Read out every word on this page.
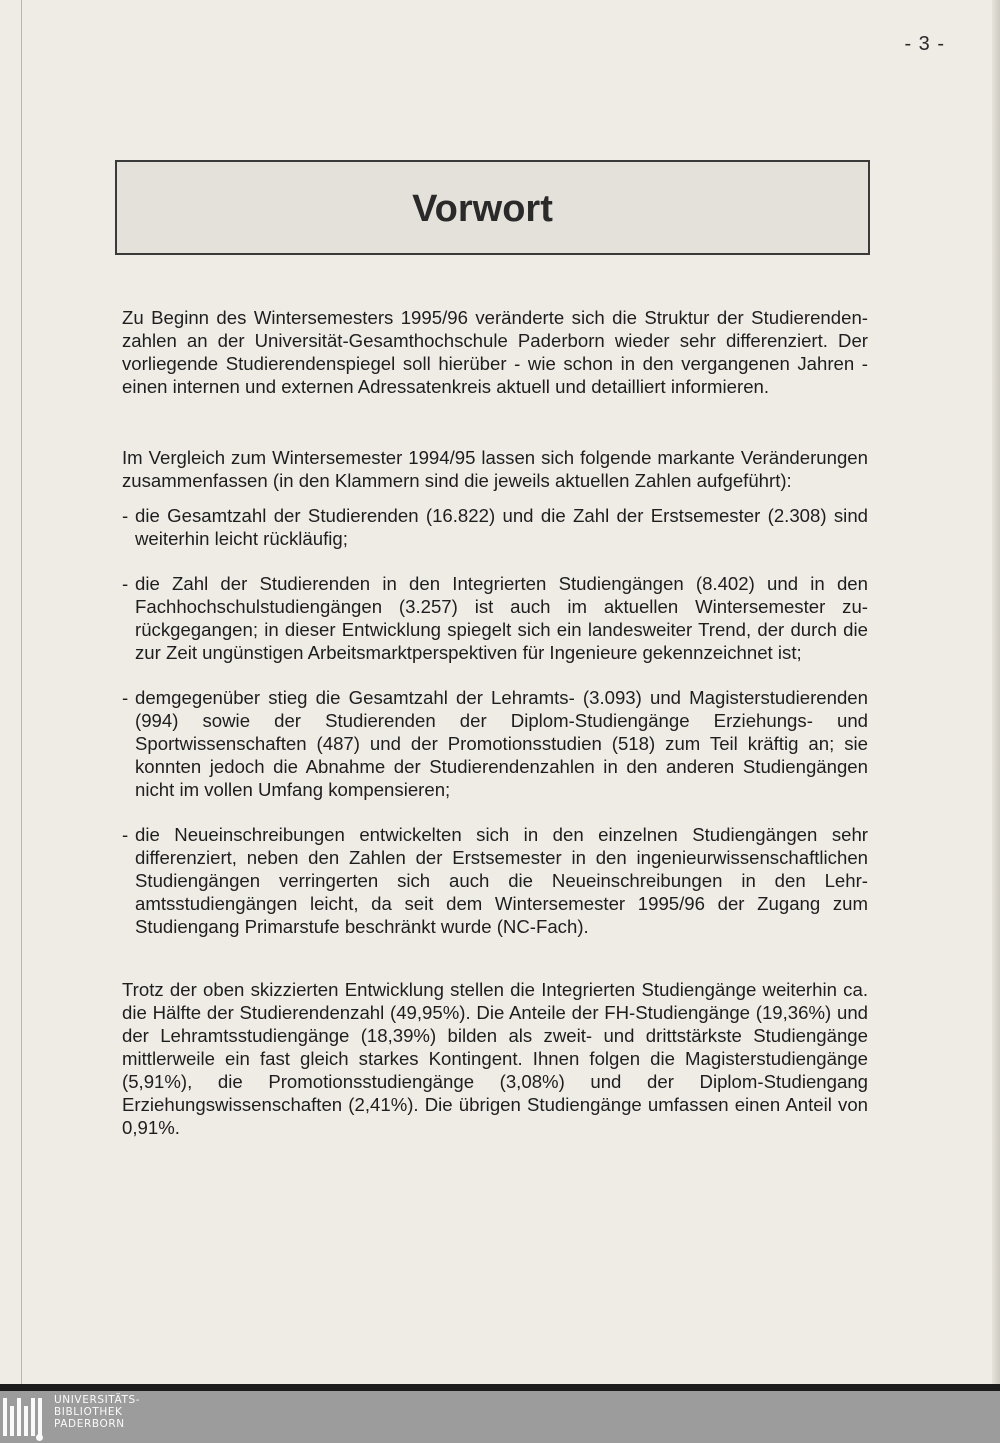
- 3 -
Vorwort

Zu Beginn des Wintersemesters 1995/96 veränderte sich die Struktur der Studierendenzahlen an der Universität-Gesamthochschule Paderborn wieder sehr differenziert. Der vorliegende Studierendenspiegel soll hierüber - wie schon in den vergangenen Jahren - einen internen und externen Adressatenkreis aktuell und detailliert informieren.

Im Vergleich zum Wintersemester 1994/95 lassen sich folgende markante Veränderungen zusammenfassen (in den Klammern sind die jeweils aktuellen Zahlen aufgeführt):

- die Gesamtzahl der Studierenden (16.822) und die Zahl der Erstsemester (2.308) sind weiterhin leicht rückläufig;
- die Zahl der Studierenden in den Integrierten Studiengängen (8.402) und in den Fachhochschulstudiengängen (3.257) ist auch im aktuellen Wintersemester zurückgegangen; in dieser Entwicklung spiegelt sich ein landesweiter Trend, der durch die zur Zeit ungünstigen Arbeitsmarktperspektiven für Ingenieure gekennzeichnet ist;
- demgegenüber stieg die Gesamtzahl der Lehramts- (3.093) und Magisterstudierenden (994) sowie der Studierenden der Diplom-Studiengänge Erziehungs- und Sportwissenschaften (487) und der Promotionsstudien (518) zum Teil kräftig an; sie konnten jedoch die Abnahme der Studierendenzahlen in den anderen Studiengängen nicht im vollen Umfang kompensieren;
- die Neueinschreibungen entwickelten sich in den einzelnen Studiengängen sehr differenziert, neben den Zahlen der Erstsemester in den ingenieurwissenschaftlichen Studiengängen verringerten sich auch die Neueinschreibungen in den Lehramtsstudiengängen leicht, da seit dem Wintersemester 1995/96 der Zugang zum Studiengang Primarstufe beschränkt wurde (NC-Fach).

Trotz der oben skizzierten Entwicklung stellen die Integrierten Studiengänge weiterhin ca. die Hälfte der Studierendenzahl (49,95%). Die Anteile der FH-Studiengänge (19,36%) und der Lehramtsstudiengänge (18,39%) bilden als zweit- und drittstärkste Studiengänge mittlerweile ein fast gleich starkes Kontingent. Ihnen folgen die Magisterstudiengänge (5,91%), die Promotionsstudiengänge (3,08%) und der Diplom-Studiengang Erziehungswissenschaften (2,41%). Die übrigen Studiengänge umfassen einen Anteil von 0,91%.

UNIVERSITÄTS-
BIBLIOTHEK
PADERBORN
